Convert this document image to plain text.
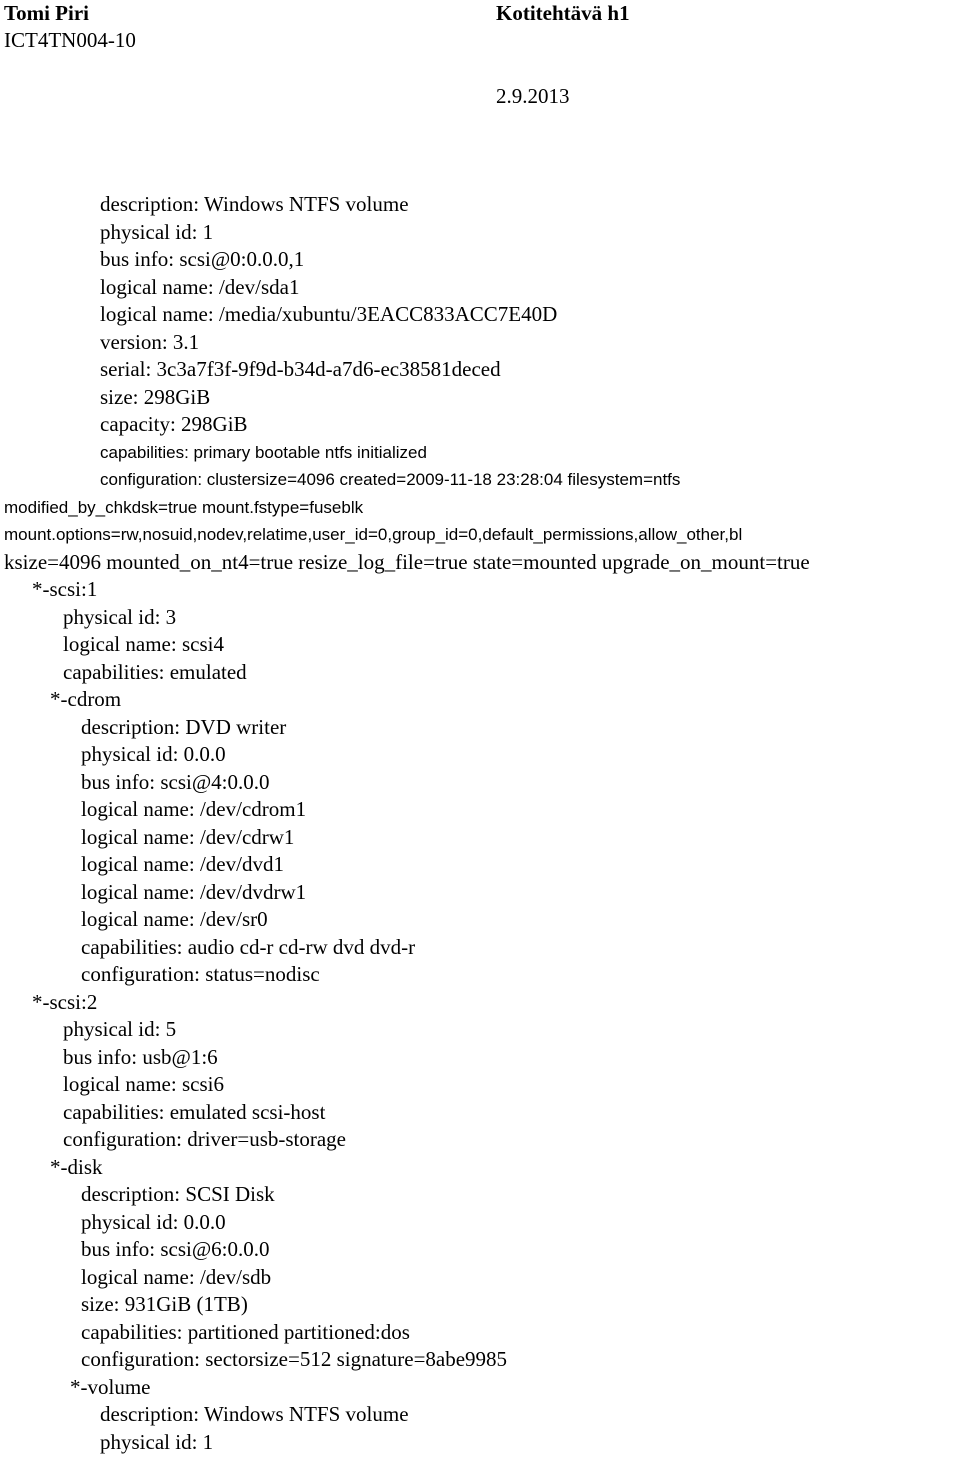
Tomi Piri
ICT4TN004-10
Kotitehtävä h1
2.9.2013
description: Windows NTFS volume
physical id: 1
bus info: scsi@0:0.0.0,1
logical name: /dev/sda1
logical name: /media/xubuntu/3EACC833ACC7E40D
version: 3.1
serial: 3c3a7f3f-9f9d-b34d-a7d6-ec38581deced
size: 298GiB
capacity: 298GiB
capabilities: primary bootable ntfs initialized
configuration: clustersize=4096 created=2009-11-18 23:28:04 filesystem=ntfs
modified_by_chkdsk=true mount.fstype=fuseblk
mount.options=rw,nosuid,nodev,relatime,user_id=0,group_id=0,default_permissions,allow_other,bl
ksize=4096 mounted_on_nt4=true resize_log_file=true state=mounted upgrade_on_mount=true
*-scsi:1
physical id: 3
logical name: scsi4
capabilities: emulated
*-cdrom
description: DVD writer
physical id: 0.0.0
bus info: scsi@4:0.0.0
logical name: /dev/cdrom1
logical name: /dev/cdrw1
logical name: /dev/dvd1
logical name: /dev/dvdrw1
logical name: /dev/sr0
capabilities: audio cd-r cd-rw dvd dvd-r
configuration: status=nodisc
*-scsi:2
physical id: 5
bus info: usb@1:6
logical name: scsi6
capabilities: emulated scsi-host
configuration: driver=usb-storage
*-disk
description: SCSI Disk
physical id: 0.0.0
bus info: scsi@6:0.0.0
logical name: /dev/sdb
size: 931GiB (1TB)
capabilities: partitioned partitioned:dos
configuration: sectorsize=512 signature=8abe9985
*-volume
description: Windows NTFS volume
physical id: 1
